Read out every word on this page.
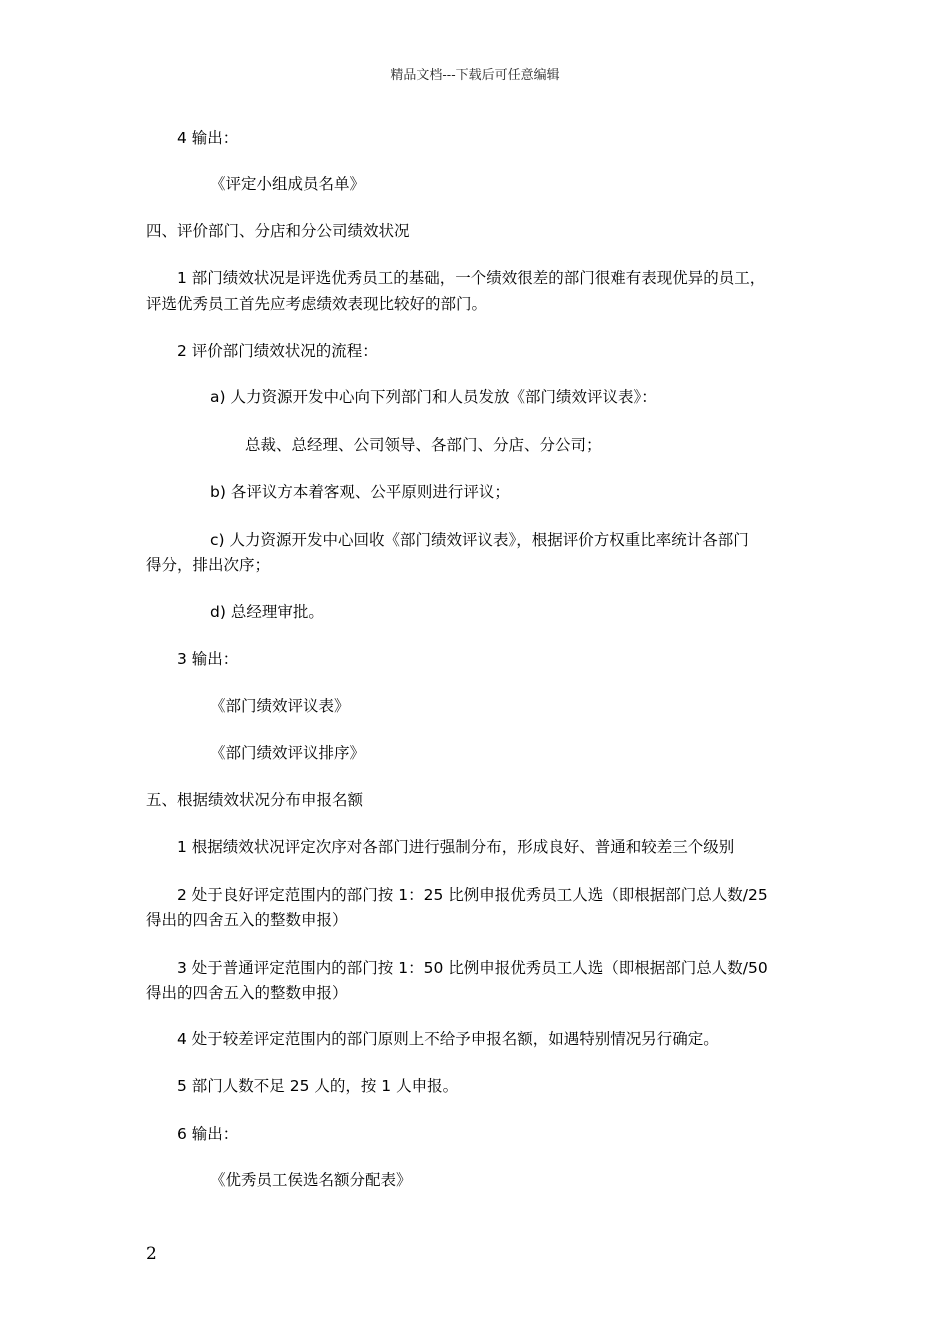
精品文档---下载后可任意编辑
4 输出：
《评定小组成员名单》
四、评价部门、分店和分公司绩效状况
1 部门绩效状况是评选优秀员工的基础，一个绩效很差的部门很难有表现优异的员工，
评选优秀员工首先应考虑绩效表现比较好的部门。
2 评价部门绩效状况的流程：
a) 人力资源开发中心向下列部门和人员发放《部门绩效评议表》：
总裁、总经理、公司领导、各部门、分店、分公司；
b) 各评议方本着客观、公平原则进行评议；
c) 人力资源开发中心回收《部门绩效评议表》，根据评价方权重比率统计各部门
得分，排出次序；
d) 总经理审批。
3 输出：
《部门绩效评议表》
《部门绩效评议排序》
五、根据绩效状况分布申报名额
1 根据绩效状况评定次序对各部门进行强制分布，形成良好、普通和较差三个级别
2 处于良好评定范围内的部门按 1：25 比例申报优秀员工人选（即根据部门总人数/25
得出的四舍五入的整数申报）
3 处于普通评定范围内的部门按 1：50 比例申报优秀员工人选（即根据部门总人数/50
得出的四舍五入的整数申报）
4 处于较差评定范围内的部门原则上不给予申报名额，如遇特别情况另行确定。
5 部门人数不足 25 人的，按 1 人申报。
6 输出：
《优秀员工侯选名额分配表》
2
